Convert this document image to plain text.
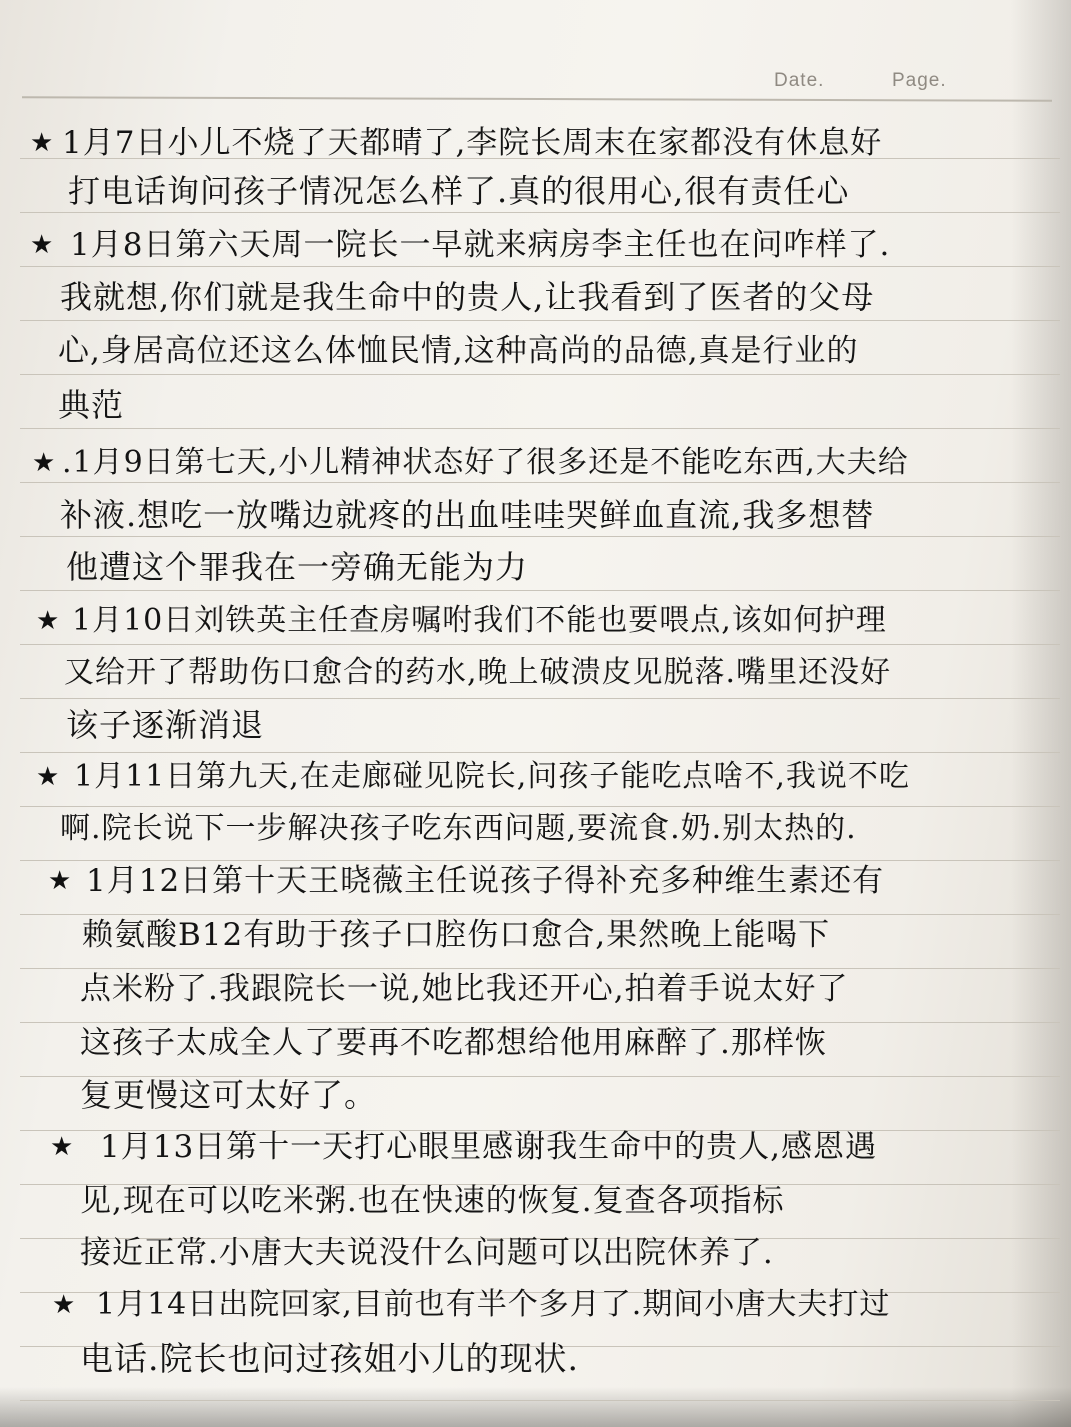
Date.	Page.
★ 1月7日小儿不烧了天都晴了,李院长周末在家都没有休息好
打电话询问孩子情况怎么样了.真的很用心,很有责任心
★ 1月8日第六天周一院长一早就来病房李主任也在问咋样了.
我就想,你们就是我生命中的贵人,让我看到了医者的父母
心,身居高位还这么体恤民情,这种高尚的品德,真是行业的
典范
★ .1月9日第七天,小儿精神状态好了很多还是不能吃东西,大夫给
补液.想吃一放嘴边就疼的出血哇哇哭鲜血直流,我多想替
他遭这个罪我在一旁确无能为力
★ 1月10日刘铁英主任查房嘱咐我们不能也要喂点,该如何护理
又给开了帮助伤口愈合的药水,晚上破溃皮见脱落.嘴里还没好
该子逐渐消退
★ 1月11日第九天,在走廊碰见院长,问孩子能吃点啥不,我说不吃
啊.院长说下一步解决孩子吃东西问题,要流食.奶.别太热的.
★ 1月12日第十天王晓薇主任说孩子得补充多种维生素还有
赖氨酸B12有助于孩子口腔伤口愈合,果然晚上能喝下
点米粉了.我跟院长一说,她比我还开心,拍着手说太好了
这孩子太成全人了要再不吃都想给他用麻醉了.那样恢
复更慢这可太好了。
★ 1月13日第十一天打心眼里感谢我生命中的贵人,感恩遇
见,现在可以吃米粥.也在快速的恢复.复查各项指标
接近正常.小唐大夫说没什么问题可以出院休养了.
★ 1月14日出院回家,目前也有半个多月了.期间小唐大夫打过
电话.院长也问过孩姐小儿的现状.
